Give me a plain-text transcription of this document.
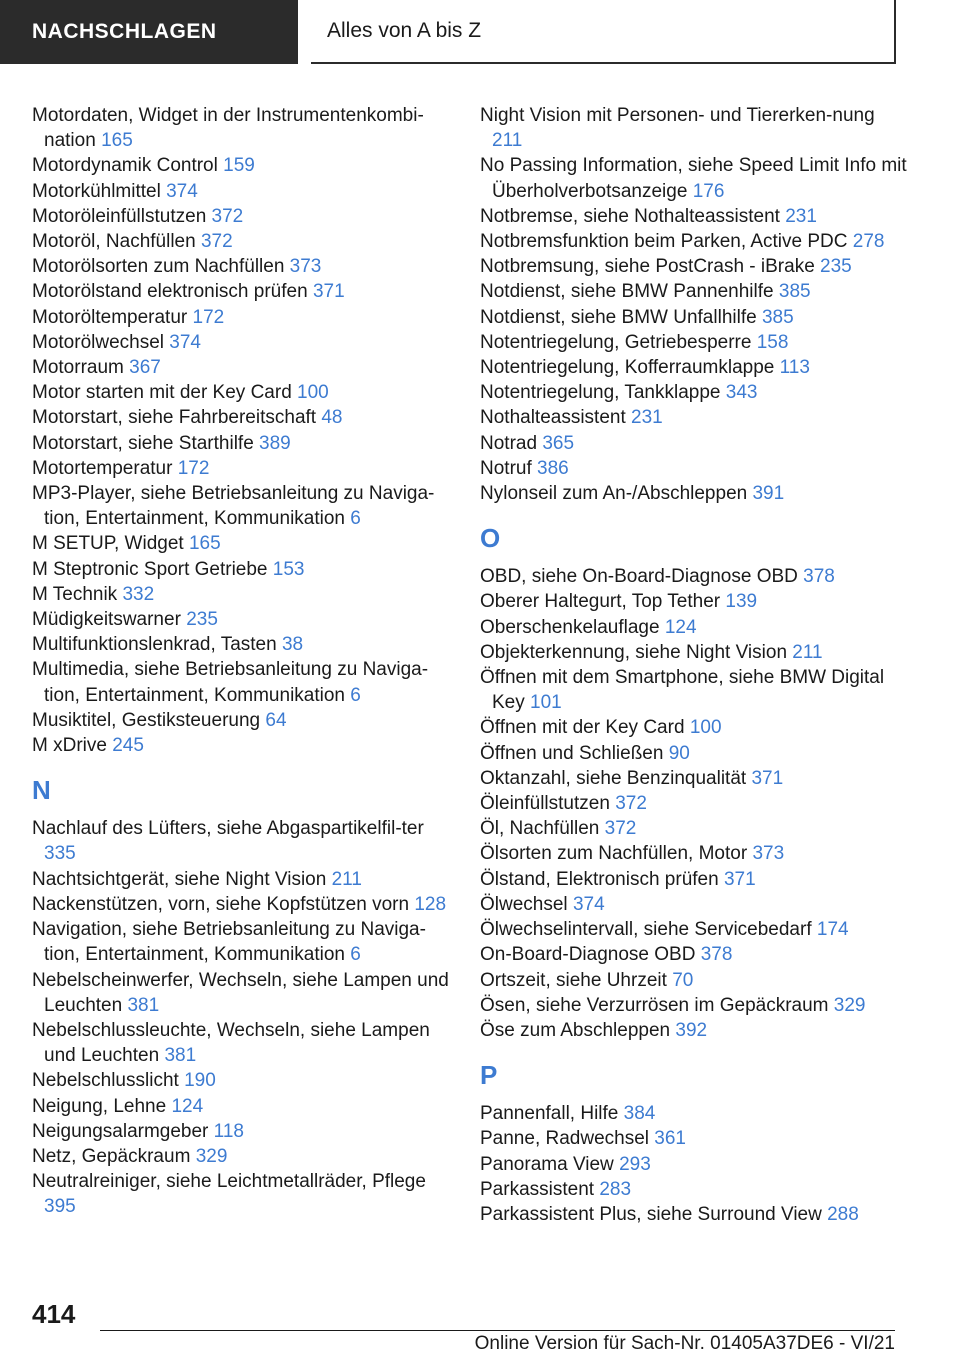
NACHSCHLAGEN	Alles von A bis Z
Motordaten, Widget in der Instrumentenkombi-nation 165
Motordynamik Control 159
Motorkühlmittel 374
Motoröleinfüllstutzen 372
Motoröl, Nachfüllen 372
Motorölsorten zum Nachfüllen 373
Motorölstand elektronisch prüfen 371
Motoröltemperatur 172
Motorölwechsel 374
Motorraum 367
Motor starten mit der Key Card 100
Motorstart, siehe Fahrbereitschaft 48
Motorstart, siehe Starthilfe 389
Motortemperatur 172
MP3-Player, siehe Betriebsanleitung zu Naviga-tion, Entertainment, Kommunikation 6
M SETUP, Widget 165
M Steptronic Sport Getriebe 153
M Technik 332
Müdigkeitswarner 235
Multifunktionslenkrad, Tasten 38
Multimedia, siehe Betriebsanleitung zu Naviga-tion, Entertainment, Kommunikation 6
Musiktitel, Gestiksteuerung 64
M xDrive 245
N
Nachlauf des Lüfters, siehe Abgaspartikelfil-ter 335
Nachtsichtgerät, siehe Night Vision 211
Nackenstützen, vorn, siehe Kopfstützen vorn 128
Navigation, siehe Betriebsanleitung zu Naviga-tion, Entertainment, Kommunikation 6
Nebelscheinwerfer, Wechseln, siehe Lampen und Leuchten 381
Nebelschlussleuchte, Wechseln, siehe Lampen und Leuchten 381
Nebelschlusslicht 190
Neigung, Lehne 124
Neigungsalarmgeber 118
Netz, Gepäckraum 329
Neutralreiniger, siehe Leichtmetallräder, Pflege 395
Night Vision mit Personen- und Tiererken-nung 211
No Passing Information, siehe Speed Limit Info mit Überholverbotsanzeige 176
Notbremse, siehe Nothalteassistent 231
Notbremsfunktion beim Parken, Active PDC 278
Notbremsung, siehe PostCrash - iBrake 235
Notdienst, siehe BMW Pannenhilfe 385
Notdienst, siehe BMW Unfallhilfe 385
Notentriegelung, Getriebesperre 158
Notentriegelung, Kofferraumklappe 113
Notentriegelung, Tankklappe 343
Nothalteassistent 231
Notrad 365
Notruf 386
Nylonseil zum An-/Abschleppen 391
O
OBD, siehe On-Board-Diagnose OBD 378
Oberer Haltegurt, Top Tether 139
Oberschenkelauflage 124
Objekterkennung, siehe Night Vision 211
Öffnen mit dem Smartphone, siehe BMW Digital Key 101
Öffnen mit der Key Card 100
Öffnen und Schließen 90
Oktanzahl, siehe Benzinqualität 371
Öleinfüllstutzen 372
Öl, Nachfüllen 372
Ölsorten zum Nachfüllen, Motor 373
Ölstand, Elektronisch prüfen 371
Ölwechsel 374
Ölwechselintervall, siehe Servicebedarf 174
On-Board-Diagnose OBD 378
Ortszeit, siehe Uhrzeit 70
Ösen, siehe Verzurrösen im Gepäckraum 329
Öse zum Abschleppen 392
P
Pannenfall, Hilfe 384
Panne, Radwechsel 361
Panorama View 293
Parkassistent 283
Parkassistent Plus, siehe Surround View 288
414
Online Version für Sach-Nr. 01405A37DE6 - VI/21
